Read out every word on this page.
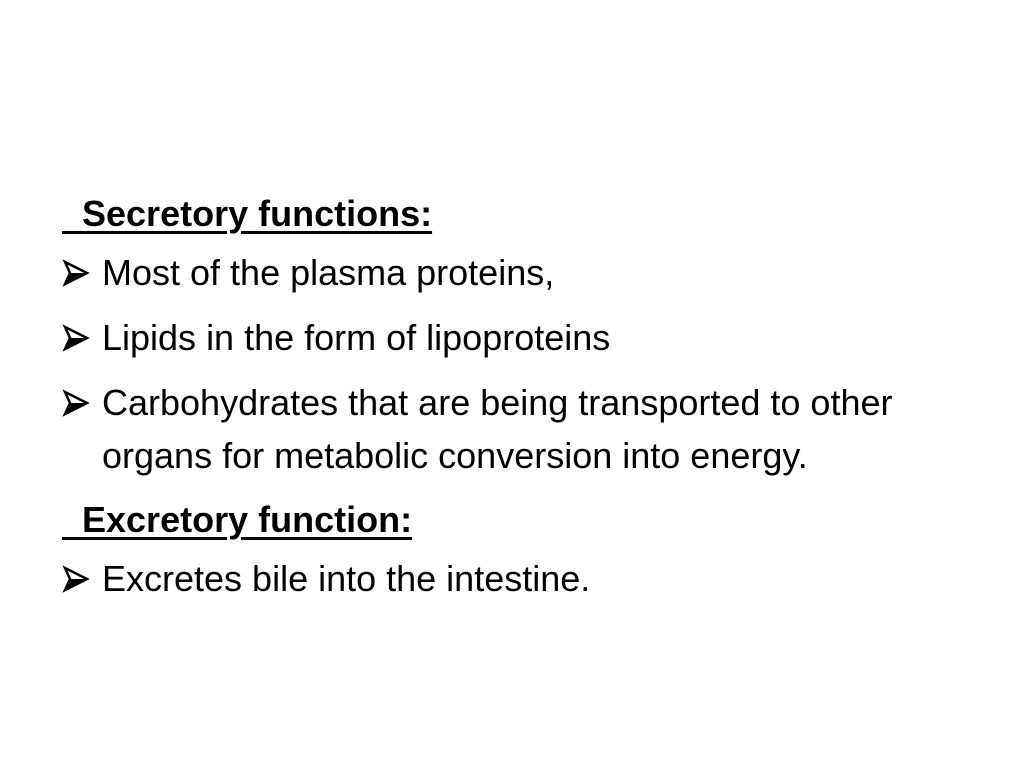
Secretory functions:
Most of the plasma proteins,
Lipids in the form of lipoproteins
Carbohydrates that are being transported to other organs for metabolic conversion into energy.
Excretory function:
Excretes bile into the intestine.
